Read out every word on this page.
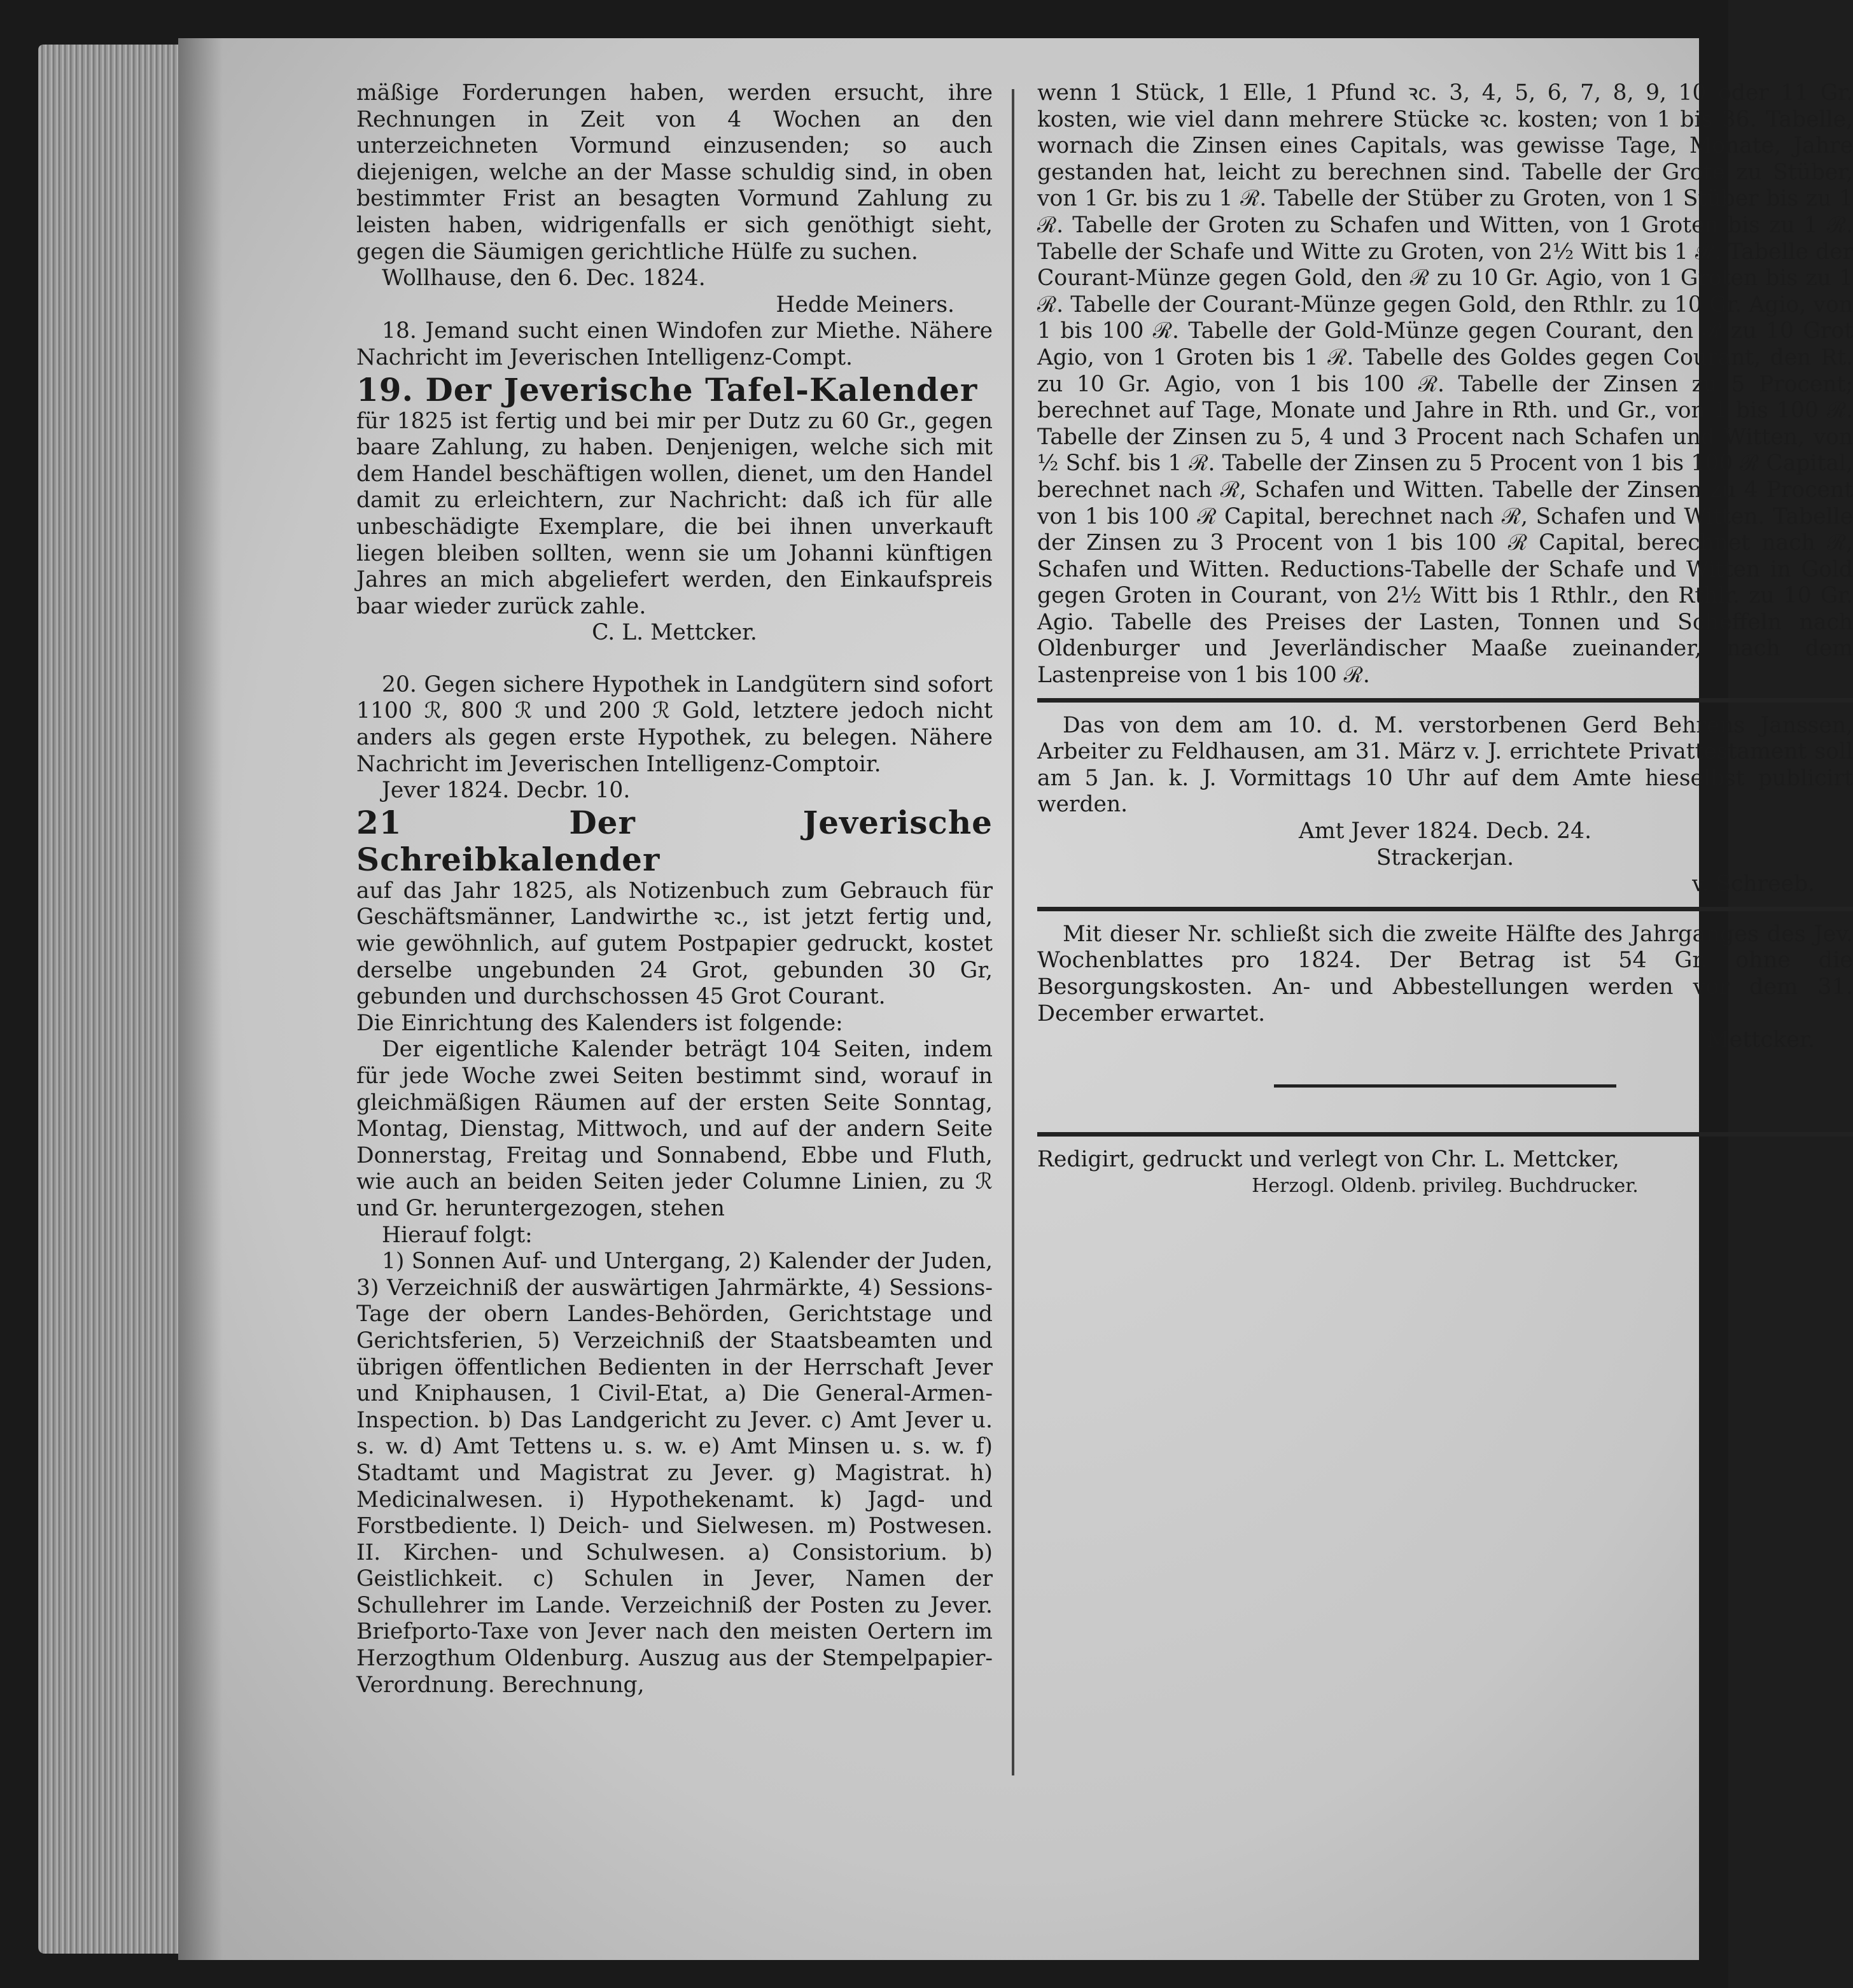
mäßige Forderungen haben, werden ersucht, ihre Rechnungen in Zeit von 4 Wochen an den unterzeichneten Vormund einzusenden; so auch diejenigen, welche an der Masse schuldig sind, in oben bestimmter Frist an besagten Vormund Zahlung zu leisten haben, widrigenfalls er sich genöthigt sieht, gegen die Säumigen gerichtliche Hülfe zu suchen.

Wollhause, den 6. Dec. 1824.

Hedde Meiners.

18. Jemand sucht einen Windofen zur Miethe. Nähere Nachricht im Jeverischen Intelligenz-Compt.

19. Der Jeverische Tafel-Kalender

für 1825 ist fertig und bei mir per Dutz zu 60 Gr., gegen baare Zahlung, zu haben. Denjenigen, welche sich mit dem Handel beschäftigen wollen, dienet, um den Handel damit zu erleichtern, zur Nachricht: daß ich für alle unbeschädigte Exemplare, die bei ihnen unverkauft liegen bleiben sollten, wenn sie um Johanni künftigen Jahres an mich abgeliefert werden, den Einkaufspreis baar wieder zurück zahle.

C. L. Mettcker.

20. Gegen sichere Hypothek in Landgütern sind sofort 1100 ℛ, 800 ℛ und 200 ℛ Gold, letztere jedoch nicht anders als gegen erste Hypothek, zu belegen. Nähere Nachricht im Jeverischen Intelligenz-Comptoir.

Jever 1824. Decbr. 10.

21 Der Jeverische Schreibkalender

auf das Jahr 1825, als Notizenbuch zum Gebrauch für Geschäftsmänner, Landwirthe ꝛc., ist jetzt fertig und, wie gewöhnlich, auf gutem Postpapier gedruckt, kostet derselbe ungebunden 24 Grot, gebunden 30 Gr, gebunden und durchschossen 45 Grot Courant.

Die Einrichtung des Kalenders ist folgende:

Der eigentliche Kalender beträgt 104 Seiten, indem für jede Woche zwei Seiten bestimmt sind, worauf in gleichmäßigen Räumen auf der ersten Seite Sonntag, Montag, Dienstag, Mittwoch, und auf der andern Seite Donnerstag, Freitag und Sonnabend, Ebbe und Fluth, wie auch an beiden Seiten jeder Columne Linien, zu ℛ und Gr. heruntergezogen, stehen

Hierauf folgt:

1) Sonnen Auf- und Untergang, 2) Kalender der Juden, 3) Verzeichniß der auswärtigen Jahrmärkte, 4) Sessions-Tage der obern Landes-Behörden, Gerichtstage und Gerichtsferien, 5) Verzeichniß der Staatsbeamten und übrigen öffentlichen Bedienten in der Herrschaft Jever und Kniphausen, 1 Civil-Etat, a) Die General-Armen-Inspection. b) Das Landgericht zu Jever. c) Amt Jever u. s. w. d) Amt Tettens u. s. w. e) Amt Minsen u. s. w. f) Stadtamt und Magistrat zu Jever. g) Magistrat. h) Medicinalwesen. i) Hypothekenamt. k) Jagd- und Forstbediente. l) Deich- und Sielwesen. m) Postwesen. II. Kirchen- und Schulwesen. a) Consistorium. b) Geistlichkeit. c) Schulen in Jever, Namen der Schullehrer im Lande. Verzeichniß der Posten zu Jever. Briefporto-Taxe von Jever nach den meisten Oertern im Herzogthum Oldenburg. Auszug aus der Stempelpapier-Verordnung. Berechnung,

wenn 1 Stück, 1 Elle, 1 Pfund ꝛc. 3, 4, 5, 6, 7, 8, 9, 10 oder 11 Gr. kosten, wie viel dann mehrere Stücke ꝛc. kosten; von 1 bis 36. Tabelle, wornach die Zinsen eines Capitals, was gewisse Tage, Monate, Jahre gestanden hat, leicht zu berechnen sind. Tabelle der Grote zu Stüber, von 1 Gr. bis zu 1 ℛ. Tabelle der Stüber zu Groten, von 1 Stüber bis zu 1 ℛ. Tabelle der Groten zu Schafen und Witten, von 1 Groten bis zu 1 ℛ. Tabelle der Schafe und Witte zu Groten, von 2½ Witt bis 1 ℛ. Tabelle der Courant-Münze gegen Gold, den ℛ zu 10 Gr. Agio, von 1 Groten bis zu 1 ℛ. Tabelle der Courant-Münze gegen Gold, den Rthlr. zu 10 Gr. Agio, von 1 bis 100 ℛ. Tabelle der Gold-Münze gegen Courant, den ℛ zu 10 Grot Agio, von 1 Groten bis 1 ℛ. Tabelle des Goldes gegen Courant, den Rt. zu 10 Gr. Agio, von 1 bis 100 ℛ. Tabelle der Zinsen zu 5 Procent; berechnet auf Tage, Monate und Jahre in Rth. und Gr., von 1 bis 100 ℛ. Tabelle der Zinsen zu 5, 4 und 3 Procent nach Schafen und Witten, von ½ Schf. bis 1 ℛ. Tabelle der Zinsen zu 5 Procent von 1 bis 100 ℛ Capital, berechnet nach ℛ, Schafen und Witten. Tabelle der Zinsen zu 4 Procent von 1 bis 100 ℛ Capital, berechnet nach ℛ, Schafen und Witten. Tabelle der Zinsen zu 3 Procent von 1 bis 100 ℛ Capital, berechnet nach ℛ, Schafen und Witten. Reductions-Tabelle der Schafe und Witten in Gold gegen Groten in Courant, von 2½ Witt bis 1 Rthlr., den Rthlr. zu 10 Gr. Agio. Tabelle des Preises der Lasten, Tonnen und Scheffeln nach Oldenburger und Jeverländischer Maaße zueinander, nach dem Lastenpreise von 1 bis 100 ℛ.

Das von dem am 10. d. M. verstorbenen Gerd Behrens Janssen, Arbeiter zu Feldhausen, am 31. März v. J. errichtete Privattestament soll am 5 Jan. k. J. Vormittags 10 Uhr auf dem Amte hieselbst publicirt werden.

Amt Jever 1824. Decb. 24.

Strackerjan.

v. Schreeb.

Mit dieser Nr. schließt sich die zweite Hälfte des Jahrganges des Jev. Wochenblattes pro 1824. Der Betrag ist 54 Gr. ohne die Besorgungskosten. An- und Abbestellungen werden vor dem 31. December erwartet.

Mettcker.

Redigirt, gedruckt und verlegt von Chr. L. Mettcker,

Herzogl. Oldenb. privileg. Buchdrucker.
